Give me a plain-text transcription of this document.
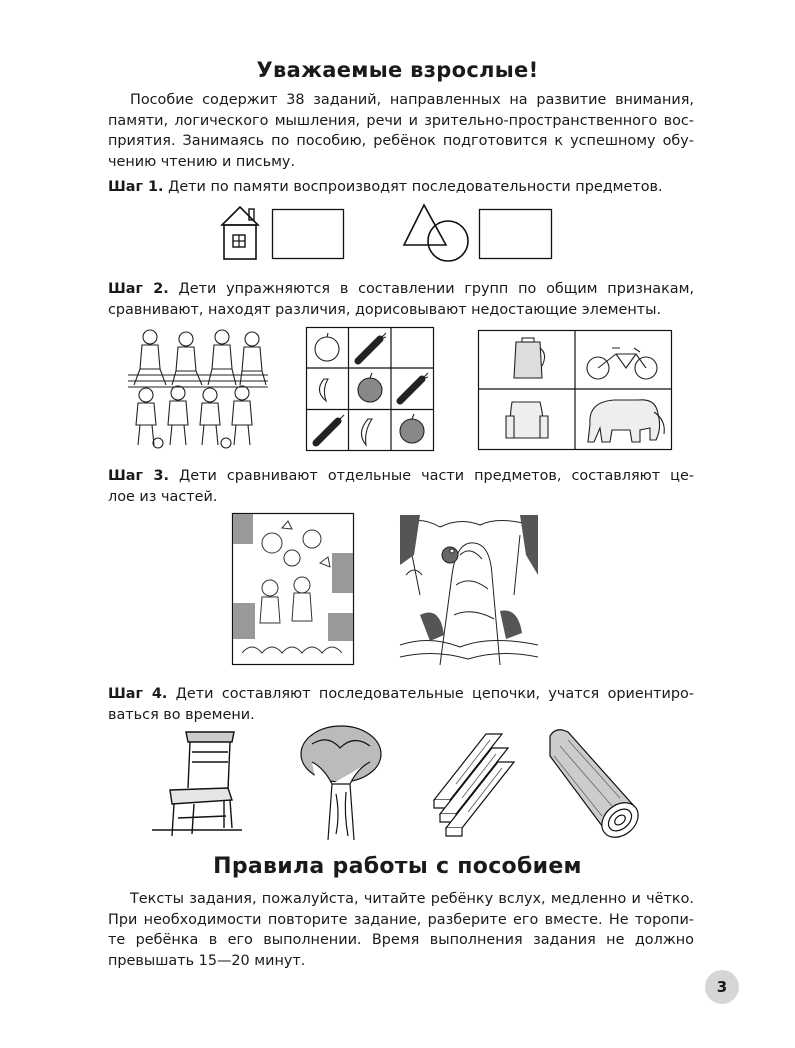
Уважаемые взрослые!
Пособие содержит 38 заданий, направленных на развитие внимания,
памяти, логического мышления, речи и зрительно-пространственного вос-
приятия. Занимаясь по пособию, ребёнок подготовится к успешному обу-
чению чтению и письму.
Шаг 1. Дети по памяти воспроизводят последовательности предметов.
Шаг 2. Дети упражняются в составлении групп по общим признакам,
сравнивают, находят различия, дорисовывают недостающие элементы.
Шаг 3. Дети сравнивают отдельные части предметов, составляют це-
лое из частей.
Шаг 4. Дети составляют последовательные цепочки, учатся ориентиро-
ваться во времени.
Правила работы с пособием
Тексты задания, пожалуйста, читайте ребёнку вслух, медленно и чётко.
При необходимости повторите задание, разберите его вместе. Не торопи-
те ребёнка в его выполнении. Время выполнения задания не должно
превышать 15—20 минут.
3
